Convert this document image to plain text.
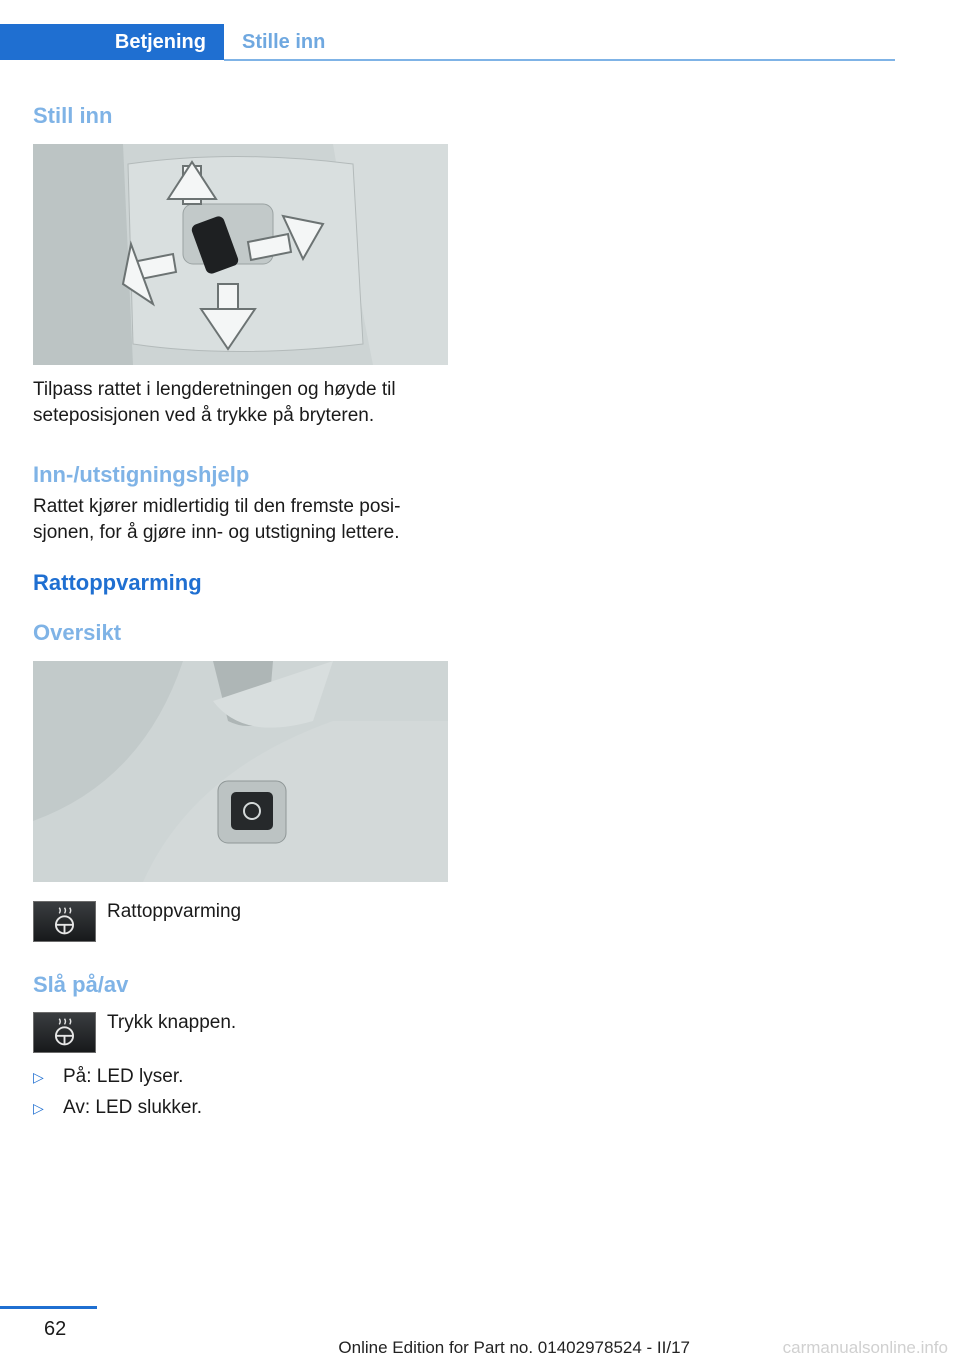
Betjening	Stille inn
Still inn

Tilpass rattet i lengderetningen og høyde til seteposisjonen ved å trykke på bryteren.

Inn-/utstigningshjelp

Rattet kjører midlertidig til den fremste posi-sjonen, for å gjøre inn- og utstigning lettere.

Rattoppvarming
Oversikt

Rattoppvarming

Slå på/av

Trykk knappen.

▷	På: LED lyser.

▷	Av: LED slukker.

62
Online Edition for Part no. 01402978524 - II/17	carmanualsonline.info
